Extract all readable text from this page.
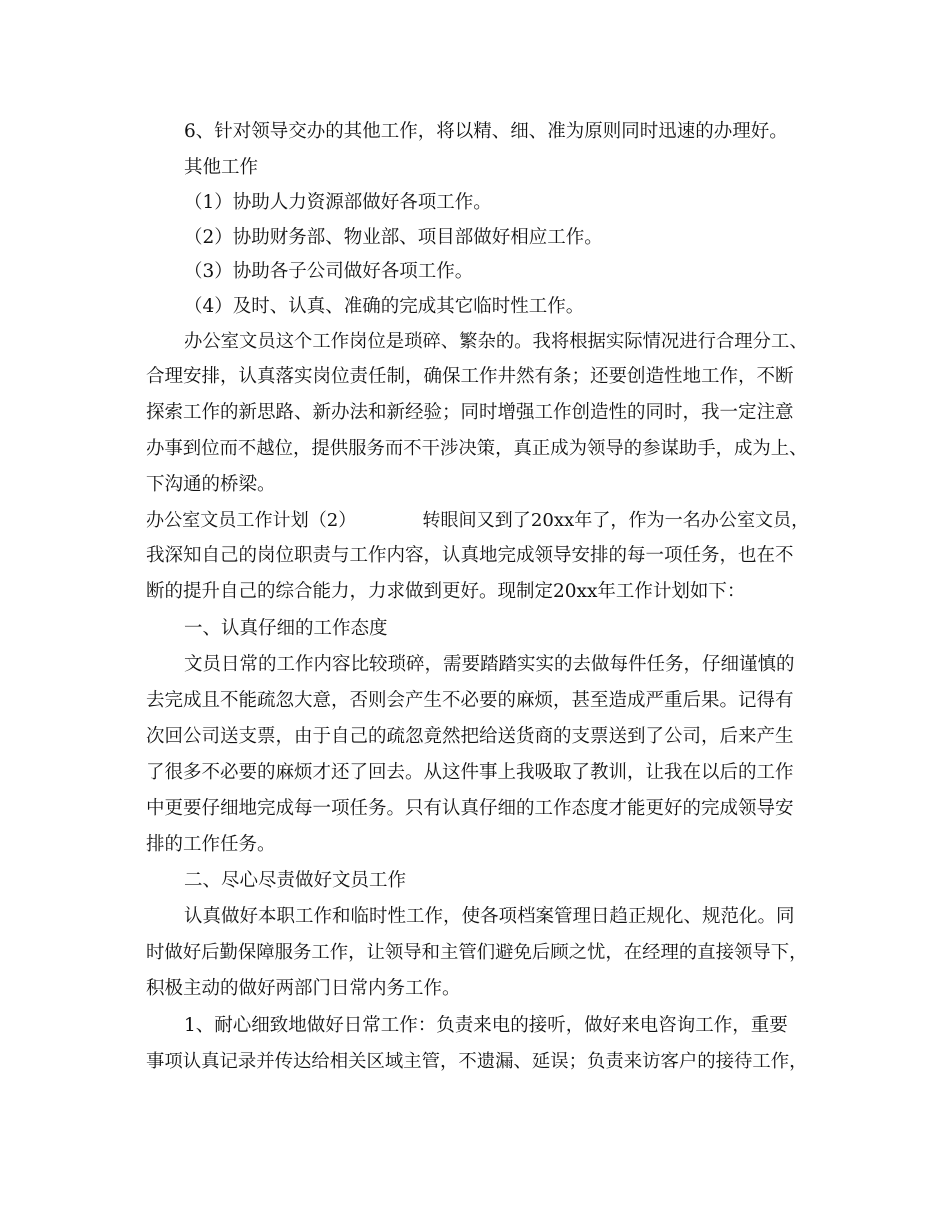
6、针对领导交办的其他工作，将以精、细、准为原则同时迅速的办理好。
其他工作
（1）协助人力资源部做好各项工作。
（2）协助财务部、物业部、项目部做好相应工作。
（3）协助各子公司做好各项工作。
（4）及时、认真、准确的完成其它临时性工作。
办公室文员这个工作岗位是琐碎、繁杂的。我将根据实际情况进行合理分工、
合理安排，认真落实岗位责任制，确保工作井然有条；还要创造性地工作，不断
探索工作的新思路、新办法和新经验；同时增强工作创造性的同时，我一定注意
办事到位而不越位，提供服务而不干涉决策，真正成为领导的参谋助手，成为上、
下沟通的桥梁。
办公室文员工作计划（2）	转眼间又到了20xx年了，作为一名办公室文员，
我深知自己的岗位职责与工作内容，认真地完成领导安排的每一项任务，也在不
断的提升自己的综合能力，力求做到更好。现制定20xx年工作计划如下：
一、认真仔细的工作态度
文员日常的工作内容比较琐碎，需要踏踏实实的去做每件任务，仔细谨慎的
去完成且不能疏忽大意，否则会产生不必要的麻烦，甚至造成严重后果。记得有
次回公司送支票，由于自己的疏忽竟然把给送货商的支票送到了公司，后来产生
了很多不必要的麻烦才还了回去。从这件事上我吸取了教训，让我在以后的工作
中更要仔细地完成每一项任务。只有认真仔细的工作态度才能更好的完成领导安
排的工作任务。
二、尽心尽责做好文员工作
认真做好本职工作和临时性工作，使各项档案管理日趋正规化、规范化。同
时做好后勤保障服务工作，让领导和主管们避免后顾之忧，在经理的直接领导下，
积极主动的做好两部门日常内务工作。
1、耐心细致地做好日常工作：负责来电的接听，做好来电咨询工作，重要
事项认真记录并传达给相关区域主管，不遗漏、延误；负责来访客户的接待工作，
